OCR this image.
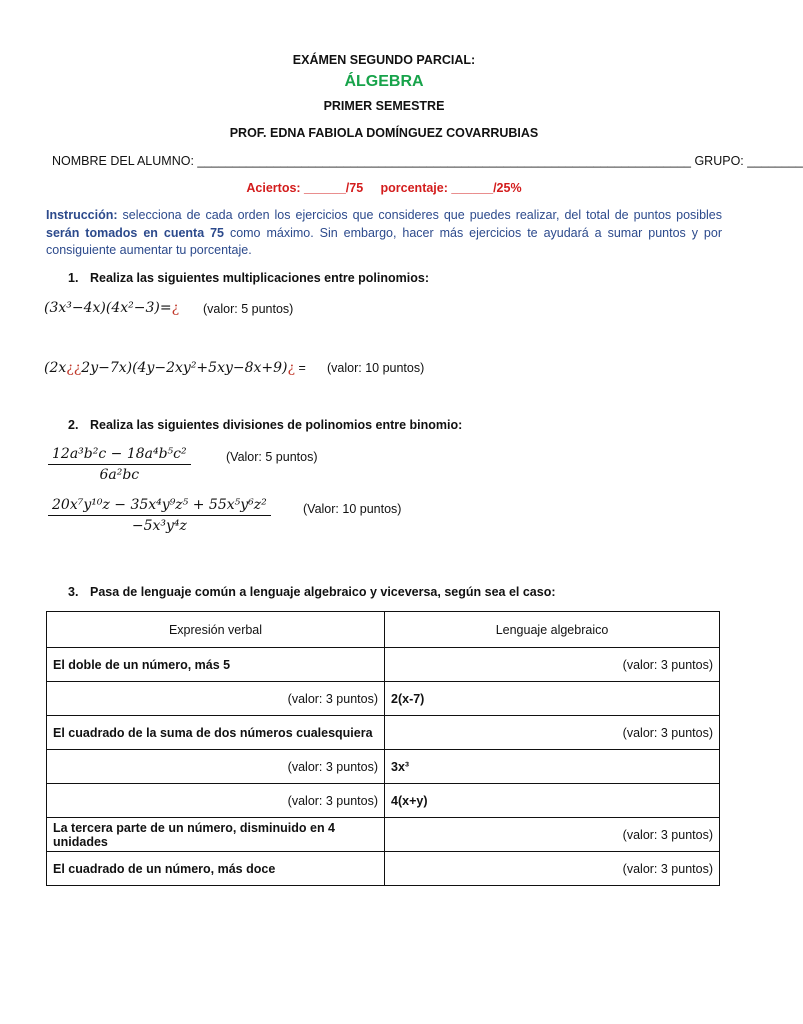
EXÁMEN SEGUNDO PARCIAL:
ÁLGEBRA
PRIMER SEMESTRE
PROF. EDNA FABIOLA DOMÍNGUEZ COVARRUBIAS
NOMBRE DEL ALUMNO: _______________________________________________________________________ GRUPO: ________
Aciertos: ______/75     porcentaje: ______/25%
Instrucción: selecciona de cada orden los ejercicios que consideres que puedes realizar, del total de puntos posibles serán tomados en cuenta 75 como máximo. Sin embargo, hacer más ejercicios te ayudará a sumar puntos y por consiguiente aumentar tu porcentaje.
1. Realiza las siguientes multiplicaciones entre polinomios:
(3x³−4x)(4x²−3)=¿ (valor: 5 puntos)
(2x¿¿2y−7x)(4y−2xy²+5xy−8x+9)¿ = (valor: 10 puntos)
2. Realiza las siguientes divisiones de polinomios entre binomio:
$\frac{\text{12a³b²c − 18a⁴b⁵c²}}{\text{6a²bc}}$	(Valor: 5 puntos)
$\frac{\text{20x⁷y¹⁰z − 35x⁴y⁹z⁵ + 55x⁵y⁶z²}}{\text{−5x³y⁴z}}$	(Valor: 10 puntos)
3. Pasa de lenguaje común a lenguaje algebraico y viceversa, según sea el caso:
Expresión verbal	Lenguaje algebraico
El doble de un número, más 5	(valor: 3 puntos)
(valor: 3 puntos)	2(x-7)
El cuadrado de la suma de dos números cualesquiera	(valor: 3 puntos)
(valor: 3 puntos)	3x³
(valor: 3 puntos)	4(x+y)
La tercera parte de un número, disminuido en 4 unidades	(valor: 3 puntos)
El cuadrado de un número, más doce	(valor: 3 puntos)
